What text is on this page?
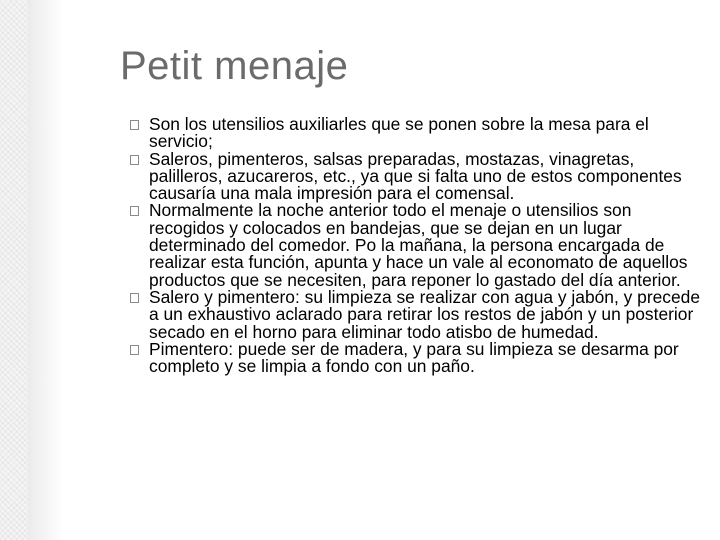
Petit menaje
Son los utensilios auxiliarles que se ponen sobre la mesa para el servicio;
Saleros, pimenteros, salsas preparadas, mostazas, vinagretas, palilleros, azucareros, etc., ya que si falta uno de estos componentes causaría una mala impresión para el comensal.
Normalmente la noche anterior todo el menaje o utensilios son recogidos y colocados en bandejas, que se dejan en un lugar determinado del comedor. Po la mañana, la persona encargada de realizar esta función, apunta y hace un vale al economato de aquellos productos que se necesiten, para reponer lo gastado del día anterior.
Salero y pimentero: su limpieza se realizar con agua y jabón, y precede a un exhaustivo aclarado para retirar los restos de jabón y un posterior secado en el horno para eliminar todo atisbo de humedad.
Pimentero: puede ser de madera, y para su limpieza se desarma por completo y se limpia a fondo con un paño.
